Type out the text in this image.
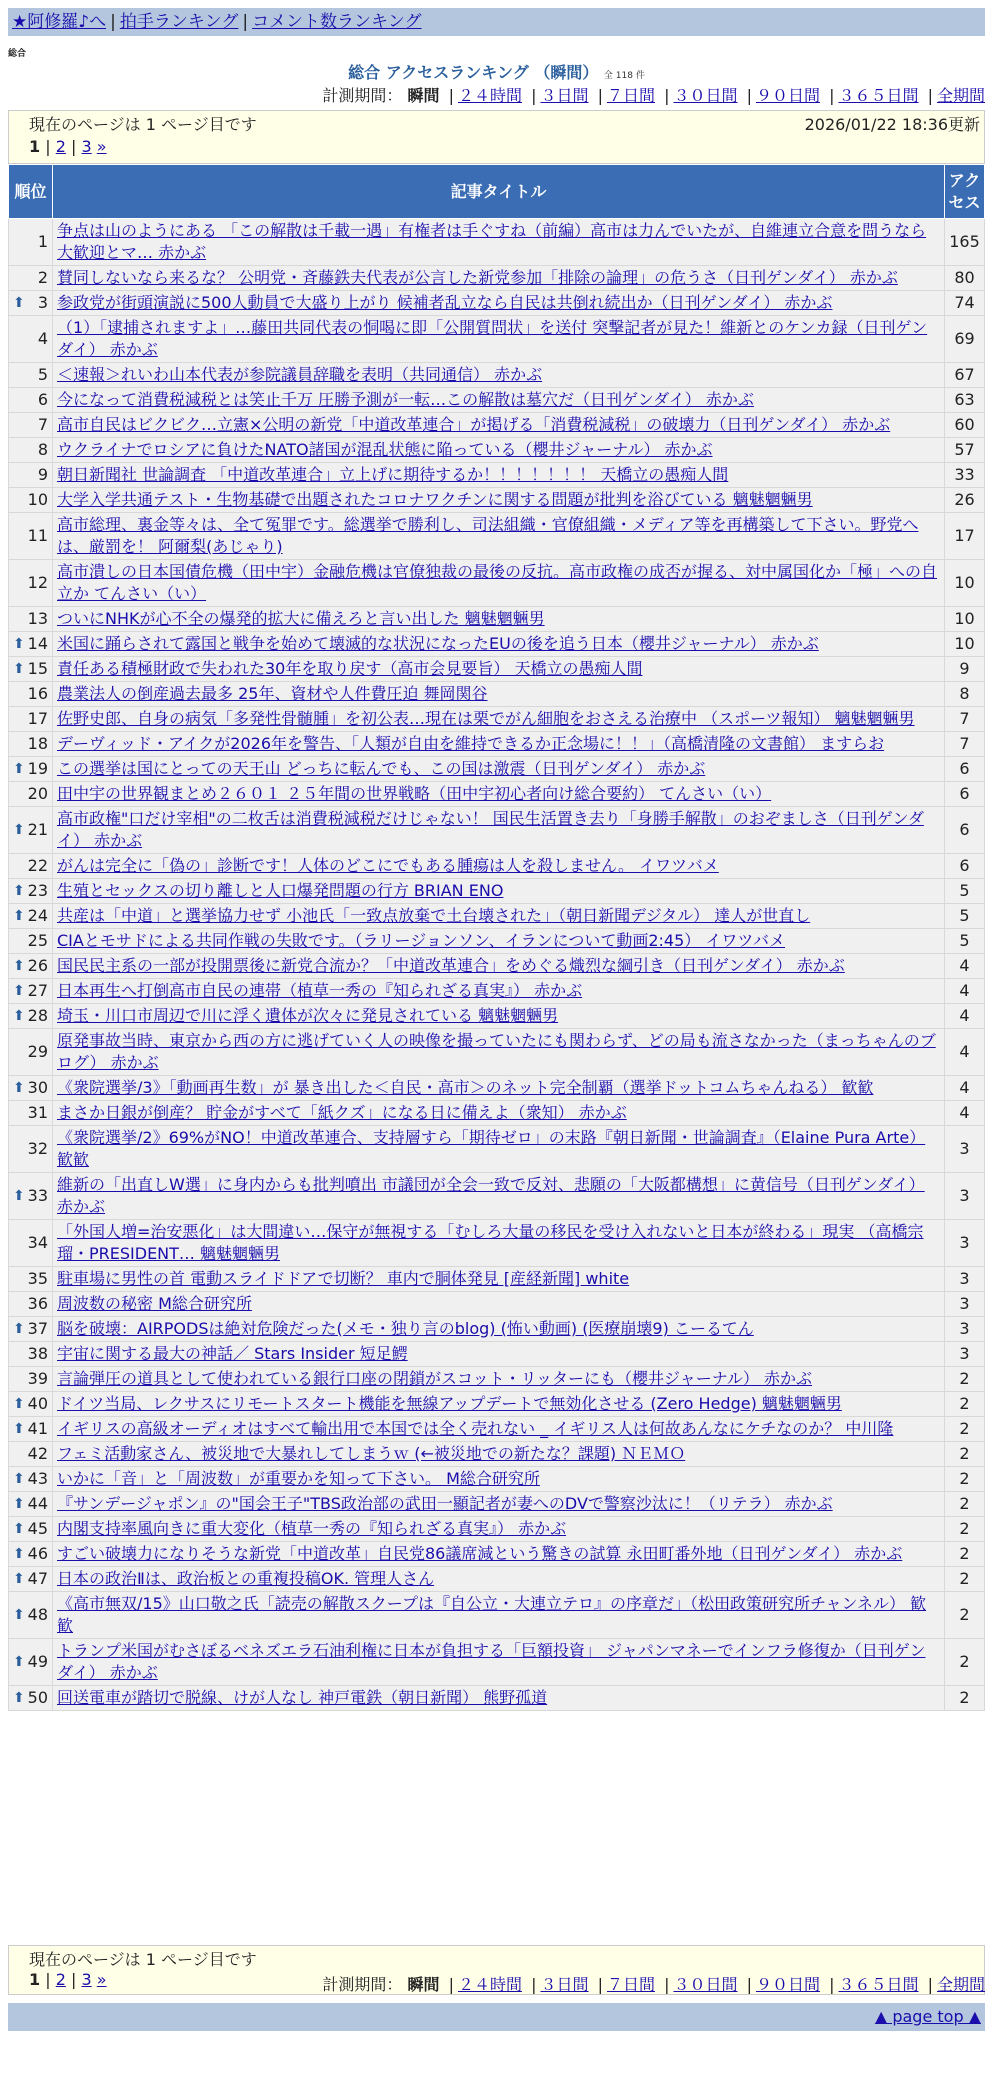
★阿修羅♪へ | 拍手ランキング | コメント数ランキング
総合
総合 アクセスランキング （瞬間） 全 118 件
計測期間： 瞬間 | ２４時間 | ３日間 | ７日間 | ３０日間 | ９０日間 | ３６５日間 | 全期間
現在のページは 1 ページ目です	2026/01/22 18:36更新
1 | 2 | 3 »
順位	記事タイトル	アクセス
1	争点は山のようにある 「この解散は千載一遇」有権者は手ぐすね（前編）高市は力んでいたが、自維連立合意を問うなら大歓迎とマ… 赤かぶ	165
2	賛同しないなら来るな？ 公明党・斉藤鉄夫代表が公言した新党参加「排除の論理」の危うさ（日刊ゲンダイ） 赤かぶ	80

⬆ 3	参政党が街頭演説に500人動員で大盛り上がり 候補者乱立なら自民は共倒れ続出か（日刊ゲンダイ） 赤かぶ	74
4	（1）「逮捕されますよ」…藤田共同代表の恫喝に即「公開質問状」を送付 突撃記者が見た！維新とのケンカ録（日刊ゲンダイ） 赤かぶ	69
5	＜速報＞れいわ山本代表が参院議員辞職を表明（共同通信） 赤かぶ	67
6	今になって消費税減税とは笑止千万 圧勝予測が一転…この解散は墓穴だ（日刊ゲンダイ） 赤かぶ	63
7	高市自民はビクビク…立憲×公明の新党「中道改革連合」が掲げる「消費税減税」の破壊力（日刊ゲンダイ） 赤かぶ	60
8	ウクライナでロシアに負けたNATO諸国が混乱状態に陥っている（櫻井ジャーナル） 赤かぶ	57
9	朝日新聞社 世論調査 「中道改革連合」立上げに期待するか！！！！！！！ 天橋立の愚痴人間	33
10	大学入学共通テスト・生物基礎で出題されたコロナワクチンに関する問題が批判を浴びている 魑魅魍魎男	26
11	高市総理、裏金等々は、全て冤罪です。総選挙で勝利し、司法組織・官僚組織・メディア等を再構築して下さい。野党へは、厳罰を！ 阿爾梨(あじゃり)	17
12	高市潰しの日本国債危機（田中宇）金融危機は官僚独裁の最後の反抗。高市政権の成否が握る、対中属国化か「極」への自立か てんさい（い）	10
13	ついにNHKが心不全の爆発的拡大に備えろと言い出した 魑魅魍魎男	10

⬆ 14	米国に踊らされて露国と戦争を始めて壊滅的な状況になったEUの後を追う日本（櫻井ジャーナル） 赤かぶ	10

⬆ 15	責任ある積極財政で失われた30年を取り戻す（高市会見要旨） 天橋立の愚痴人間	9
16	農業法人の倒産過去最多 25年、資材や人件費圧迫 舞岡関谷	8
17	佐野史郎、自身の病気「多発性骨髄腫」を初公表…現在は栗でがん細胞をおさえる治療中 （スポーツ報知） 魑魅魍魎男	7
18	デーヴィッド・アイクが2026年を警告、「人類が自由を維持できるか正念場に！！」（高橋清隆の文書館） ますらお	7

⬆ 19	この選挙は国にとっての天王山 どっちに転んでも、この国は激震（日刊ゲンダイ） 赤かぶ	6
20	田中宇の世界観まとめ２６０１ ２５年間の世界戦略（田中宇初心者向け総合要約） てんさい（い）	6

⬆ 21	高市政権"口だけ宰相"の二枚舌は消費税減税だけじゃない！ 国民生活置き去り「身勝手解散」のおぞましさ（日刊ゲンダイ） 赤かぶ	6
22	がんは完全に「偽の」診断です！人体のどこにでもある腫瘍は人を殺しません。 イワツバメ	6

⬆ 23	生殖とセックスの切り離しと人口爆発問題の行方 BRIAN ENO	5

⬆ 24	共産は「中道」と選挙協力せず 小池氏「一致点放棄で土台壊された」（朝日新聞デジタル） 達人が世直し	5
25	CIAとモサドによる共同作戦の失敗です。（ラリージョンソン、イランについて動画2:45） イワツバメ	5

⬆ 26	国民民主系の一部が投開票後に新党合流か？「中道改革連合」をめぐる熾烈な綱引き（日刊ゲンダイ） 赤かぶ	4

⬆ 27	日本再生へ打倒高市自民の連帯（植草一秀の『知られざる真実』） 赤かぶ	4

⬆ 28	埼玉・川口市周辺で川に浮く遺体が次々に発見されている 魑魅魍魎男	4
29	原発事故当時、東京から西の方に逃げていく人の映像を撮っていたにも関わらず、どの局も流さなかった（まっちゃんのブログ） 赤かぶ	4

⬆ 30	《衆院選挙/3》「動画再生数」が 暴き出した＜自民・高市＞のネット完全制覇（選挙ドットコムちゃんねる） 歓歓	4
31	まさか日銀が倒産？ 貯金がすべて「紙クズ」になる日に備えよ（衆知） 赤かぶ	4
32	《衆院選挙/2》69%がNO！中道改革連合、支持層すら「期待ゼロ」の末路『朝日新聞・世論調査』（Elaine Pura Arte） 歓歓	3

⬆ 33	維新の「出直しW選」に身内からも批判噴出 市議団が全会一致で反対、悲願の「大阪都構想」に黄信号（日刊ゲンダイ） 赤かぶ	3
34	「外国人増=治安悪化」は大間違い…保守が無視する「むしろ大量の移民を受け入れないと日本が終わる」現実 （高橋宗瑠・PRESIDENT… 魑魅魍魎男	3
35	駐車場に男性の首 電動スライドドアで切断？ 車内で胴体発見 [産経新聞] white	3
36	周波数の秘密 M総合研究所	3

⬆ 37	脳を破壊：AIRPODSは絶対危険だった(メモ・独り言のblog) (怖い動画) (医療崩壊9) こーるてん	3
38	宇宙に関する最大の神話／ Stars Insider 短足鰐	3
39	言論弾圧の道具として使われている銀行口座の閉鎖がスコット・リッターにも（櫻井ジャーナル） 赤かぶ	2

⬆ 40	ドイツ当局、レクサスにリモートスタート機能を無線アップデートで無効化させる (Zero Hedge) 魑魅魍魎男	2

⬆ 41	イギリスの高級オーディオはすべて輸出用で本国では全く売れない _ イギリス人は何故あんなにケチなのか？ 中川隆	2
42	フェミ活動家さん、被災地で大暴れしてしまうｗ (←被災地での新たな？課題) ＮＥＭＯ	2

⬆ 43	いかに「音」と「周波数」が重要かを知って下さい。 M総合研究所	2

⬆ 44	『サンデージャポン』の"国会王子"TBS政治部の武田一顯記者が妻へのDVで警察沙汰に！（リテラ） 赤かぶ	2

⬆ 45	内閣支持率風向きに重大変化（植草一秀の『知られざる真実』） 赤かぶ	2

⬆ 46	すごい破壊力になりそうな新党「中道改革」自民党86議席減という驚きの試算 永田町番外地（日刊ゲンダイ） 赤かぶ	2

⬆ 47	日本の政治Ⅱは、政治板との重複投稿OK. 管理人さん	2

⬆ 48	《高市無双/15》山口敬之氏「読売の解散スクープは『自公立・大連立テロ』の序章だ」（松田政策研究所チャンネル） 歓歓	2

⬆ 49	トランプ米国がむさぼるベネズエラ石油利権に日本が負担する「巨額投資」 ジャパンマネーでインフラ修復か（日刊ゲンダイ） 赤かぶ	2

⬆ 50	回送電車が踏切で脱線、けが人なし 神戸電鉄（朝日新聞） 熊野孤道	2
現在のページは 1 ページ目です
1 | 2 | 3 »	計測期間： 瞬間 | ２４時間 | ３日間 | ７日間 | ３０日間 | ９０日間 | ３６５日間 | 全期間
▲ page top ▲
